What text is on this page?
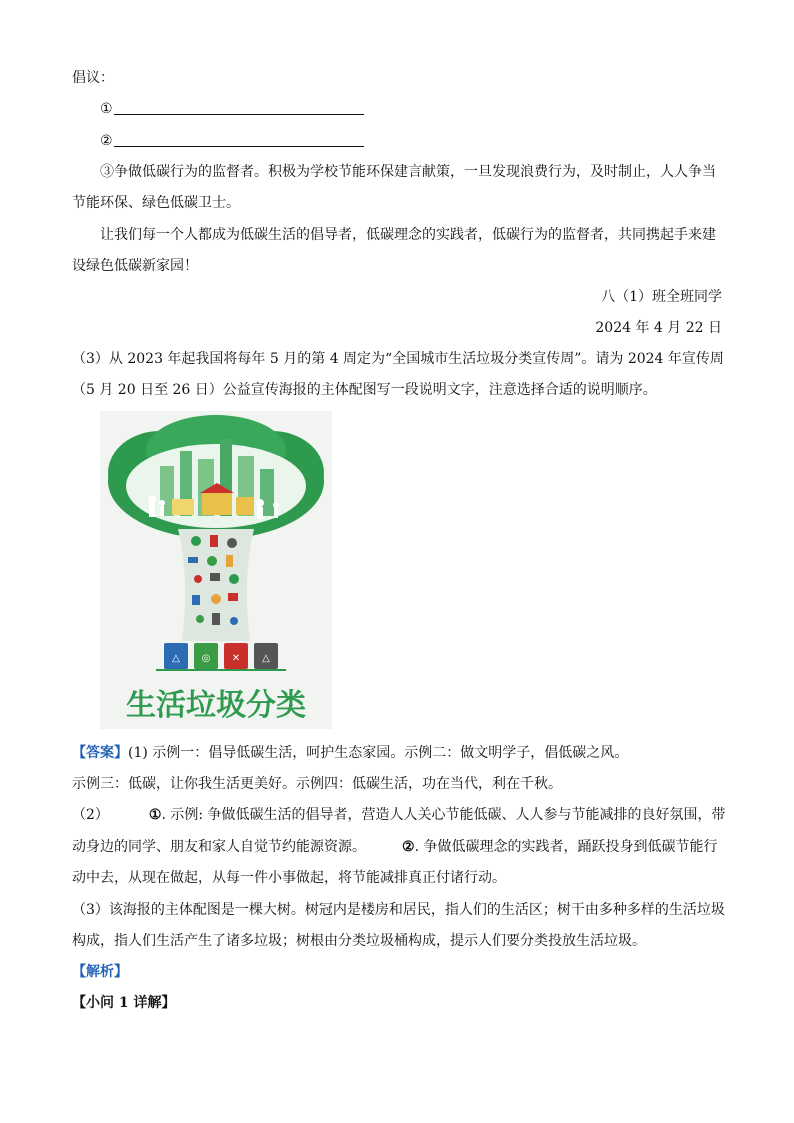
倡议：
①
②
③争做低碳行为的监督者。积极为学校节能环保建言献策，一旦发现浪费行为，及时制止，人人争当
节能环保、绿色低碳卫士。
让我们每一个人都成为低碳生活的倡导者，低碳理念的实践者，低碳行为的监督者，共同携起手来建
设绿色低碳新家园！
八（1）班全班同学
2024 年 4 月 22 日
（3）从 2023 年起我国将每年 5 月的第 4 周定为“全国城市生活垃圾分类宣传周”。请为 2024 年宣传周
（5 月 20 日至 26 日）公益宣传海报的主体配图写一段说明文字，注意选择合适的说明顺序。
△ ◎ ✕ △
生活垃圾分类
【答案】(1) 示例一：倡导低碳生活，呵护生态家园。示例二：做文明学子，倡低碳之风。
示例三：低碳，让你我生活更美好。示例四：低碳生活，功在当代，利在千秋。
（2）	①. 示例: 争做低碳生活的倡导者，营造人人关心节能低碳、人人参与节能减排的良好氛围，带
动身边的同学、朋友和家人自觉节约能源资源。	②. 争做低碳理念的实践者，踊跃投身到低碳节能行
动中去，从现在做起，从每一件小事做起，将节能减排真正付诸行动。
（3）该海报的主体配图是一棵大树。树冠内是楼房和居民，指人们的生活区；树干由多种多样的生活垃圾
构成，指人们生活产生了诸多垃圾；树根由分类垃圾桶构成，提示人们要分类投放生活垃圾。
【解析】
【小问 1 详解】
